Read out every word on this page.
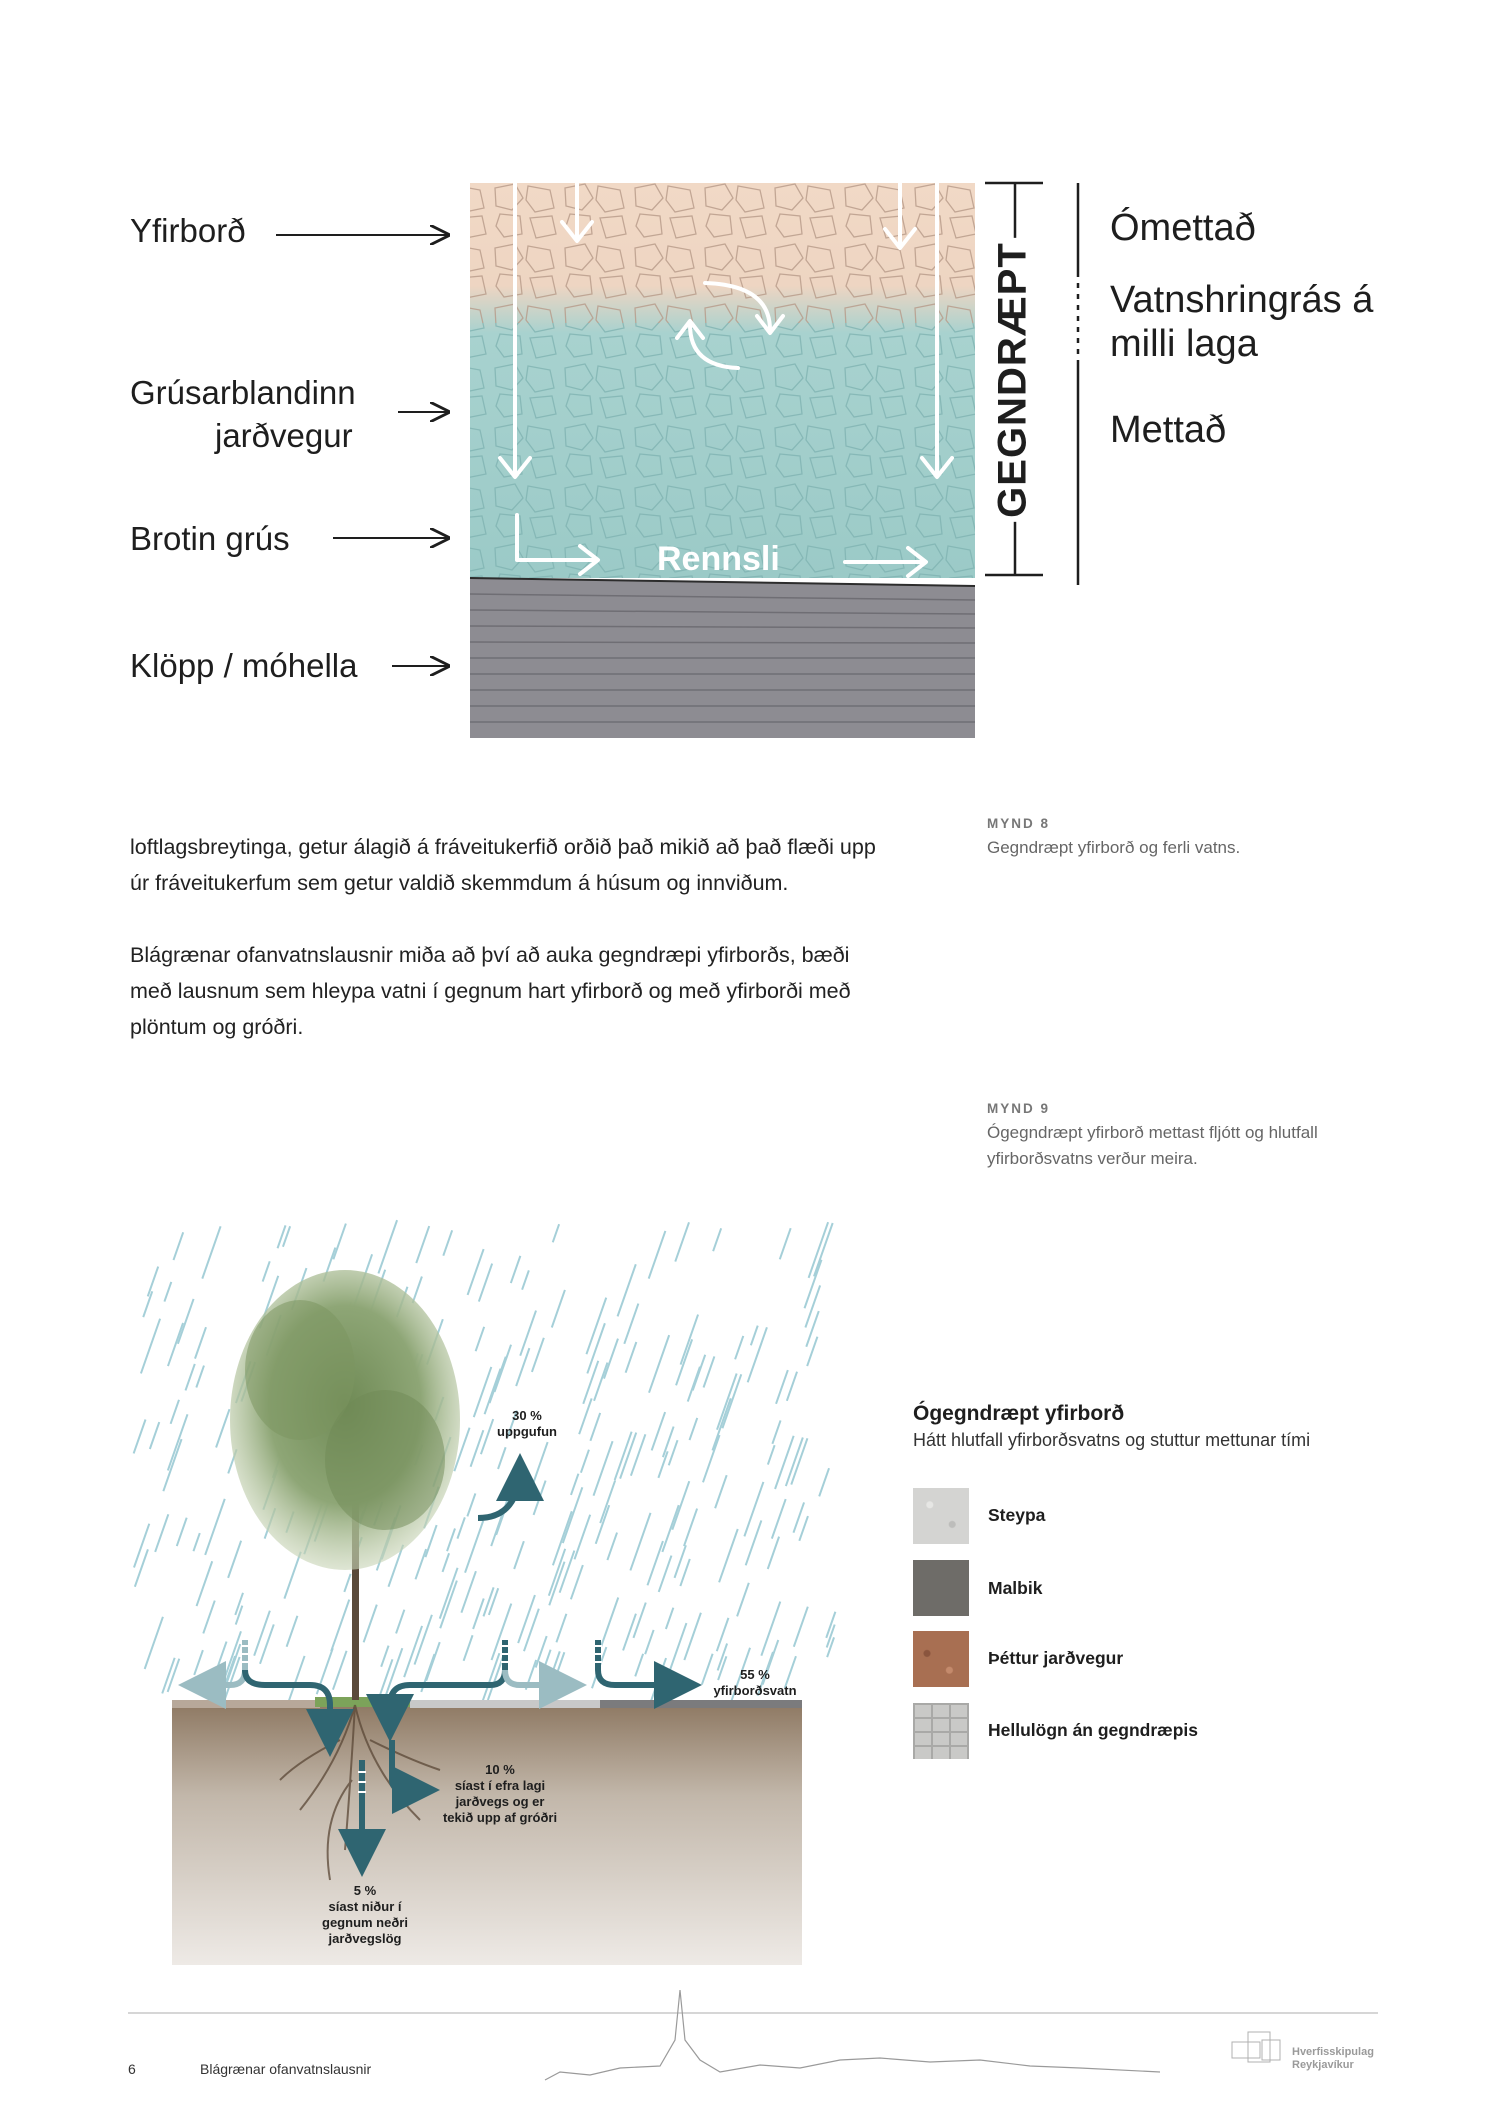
Yfirborð
Grúsarblandinn
jarðvegur
Brotin grús
Klöpp / móhella
Rennsli
GEGNDRÆPT
Ómettað
Vatnshringrás á
milli laga
Mettað
loftlagsbreytinga, getur álagið á fráveitukerfið orðið það mikið að það flæði upp
úr fráveitukerfum sem getur valdið skemmdum á húsum og innviðum.
Blágrænar ofanvatnslausnir miða að því að auka gegndræpi yfirborðs, bæði
með lausnum sem hleypa vatni í gegnum hart yfirborð og með yfirborði með
plöntum og gróðri.
MYND 8
Gegndræpt yfirborð og ferli vatns.
MYND 9
Ógegndræpt yfirborð mettast fljótt og hlutfall
yfirborðsvatns verður meira.
30 %
uppgufun
55 %
yfirborðsvatn
10 %
síast í efra lagi
jarðvegs og er
tekið upp af gróðri
5 %
síast niður í
gegnum neðri
jarðvegslög
Ógegndræpt yfirborð
Hátt hlutfall yfirborðsvatns og stuttur mettunar tími
Steypa
Malbik
Þéttur jarðvegur
Hellulögn án gegndræpis
6	Blágrænar ofanvatnslausnir
Hverfisskipulag
Reykjavíkur
